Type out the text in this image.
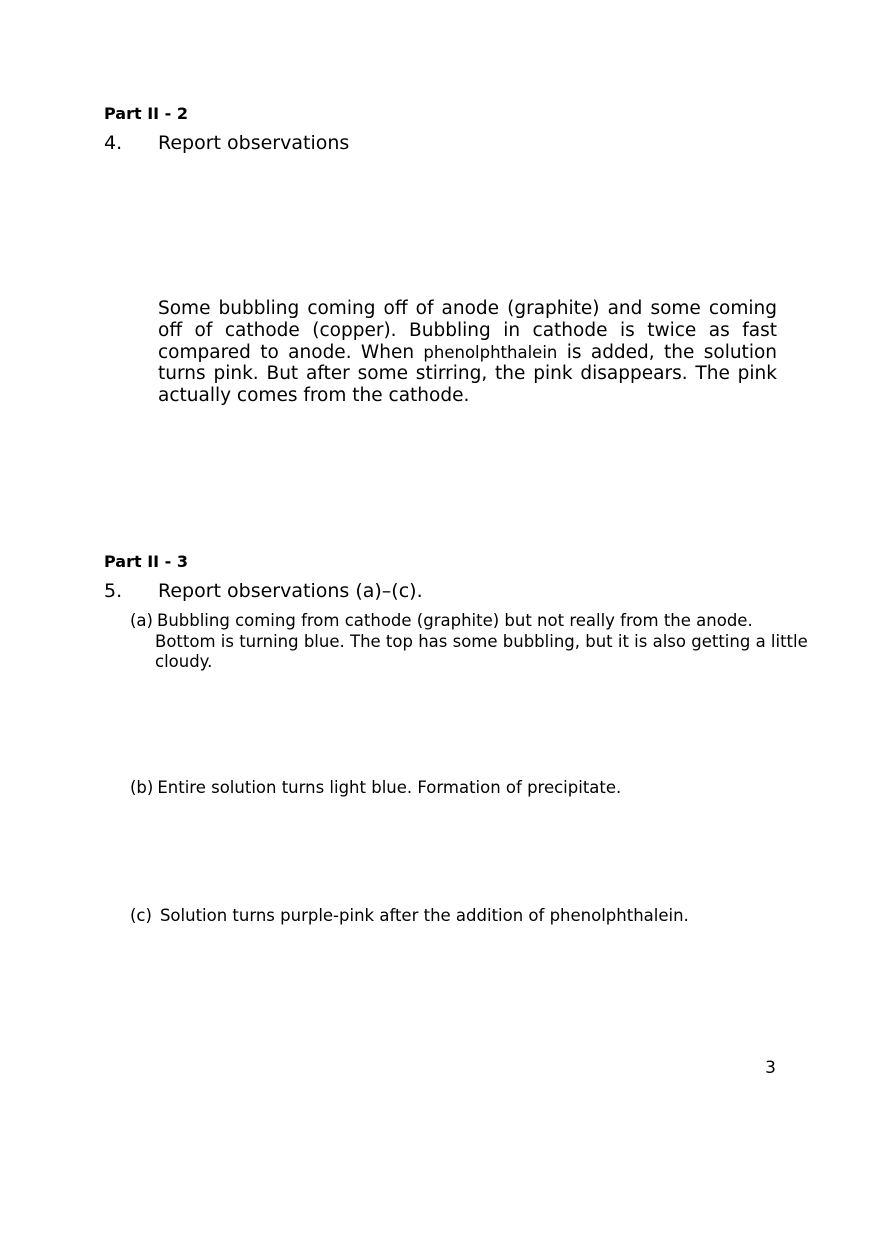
Part II - 2
4. Report observations

Some bubbling coming off of anode (graphite) and some coming off of cathode (copper). Bubbling in cathode is twice as fast compared to anode. When phenolphthalein is added, the solution turns pink. But after some stirring, the pink disappears. The pink actually comes from the cathode.

Part II - 3
5. Report observations (a)–(c).

(a) Bubbling coming from cathode (graphite) but not really from the anode. Bottom is turning blue. The top has some bubbling, but it is also getting a little cloudy.

(b) Entire solution turns light blue. Formation of precipitate.

(c) Solution turns purple-pink after the addition of phenolphthalein.

3
